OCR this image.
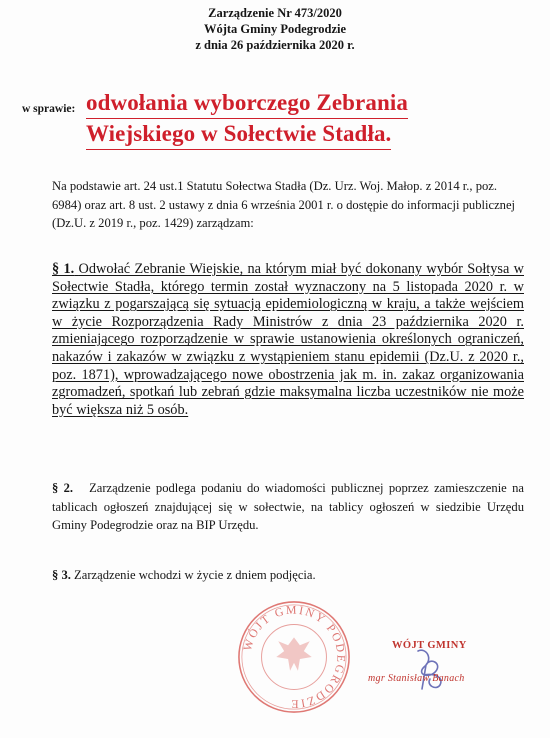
Zarządzenie Nr 473/2020
Wójta Gminy Podegrodzie
z dnia 26 października 2020 r.
w sprawie: odwołania wyborczego Zebrania
Wiejskiego w Sołectwie Stadła.
Na podstawie art. 24 ust.1 Statutu Sołectwa Stadła (Dz. Urz. Woj. Małop. z 2014 r., poz. 6984) oraz art. 8 ust. 2 ustawy z dnia 6 września 2001 r. o dostępie do informacji publicznej (Dz.U. z 2019 r., poz. 1429) zarządzam:
§ 1. Odwołać Zebranie Wiejskie, na którym miał być dokonany wybór Sołtysa w Sołectwie Stadła, którego termin został wyznaczony na 5 listopada 2020 r. w związku z pogarszającą się sytuacją epidemiologiczną w kraju, a także wejściem w życie Rozporządzenia Rady Ministrów z dnia 23 października 2020 r. zmieniającego rozporządzenie w sprawie ustanowienia określonych ograniczeń, nakazów i zakazów w związku z wystąpieniem stanu epidemii (Dz.U. z 2020 r., poz. 1871), wprowadzającego nowe obostrzenia jak m. in. zakaz organizowania zgromadzeń, spotkań lub zebrań gdzie maksymalna liczba uczestników nie może być większa niż 5 osób.
§ 2. Zarządzenie podlega podaniu do wiadomości publicznej poprzez zamieszczenie na tablicach ogłoszeń znajdującej się w sołectwie, na tablicy ogłoszeń w siedzibie Urzędu Gminy Podegrodzie oraz na BIP Urzędu.
§ 3. Zarządzenie wchodzi w życie z dniem podjęcia.
WÓJT GMINY PODEGRODZIE
WÓJT GMINY
mgr Stanisław Banach
